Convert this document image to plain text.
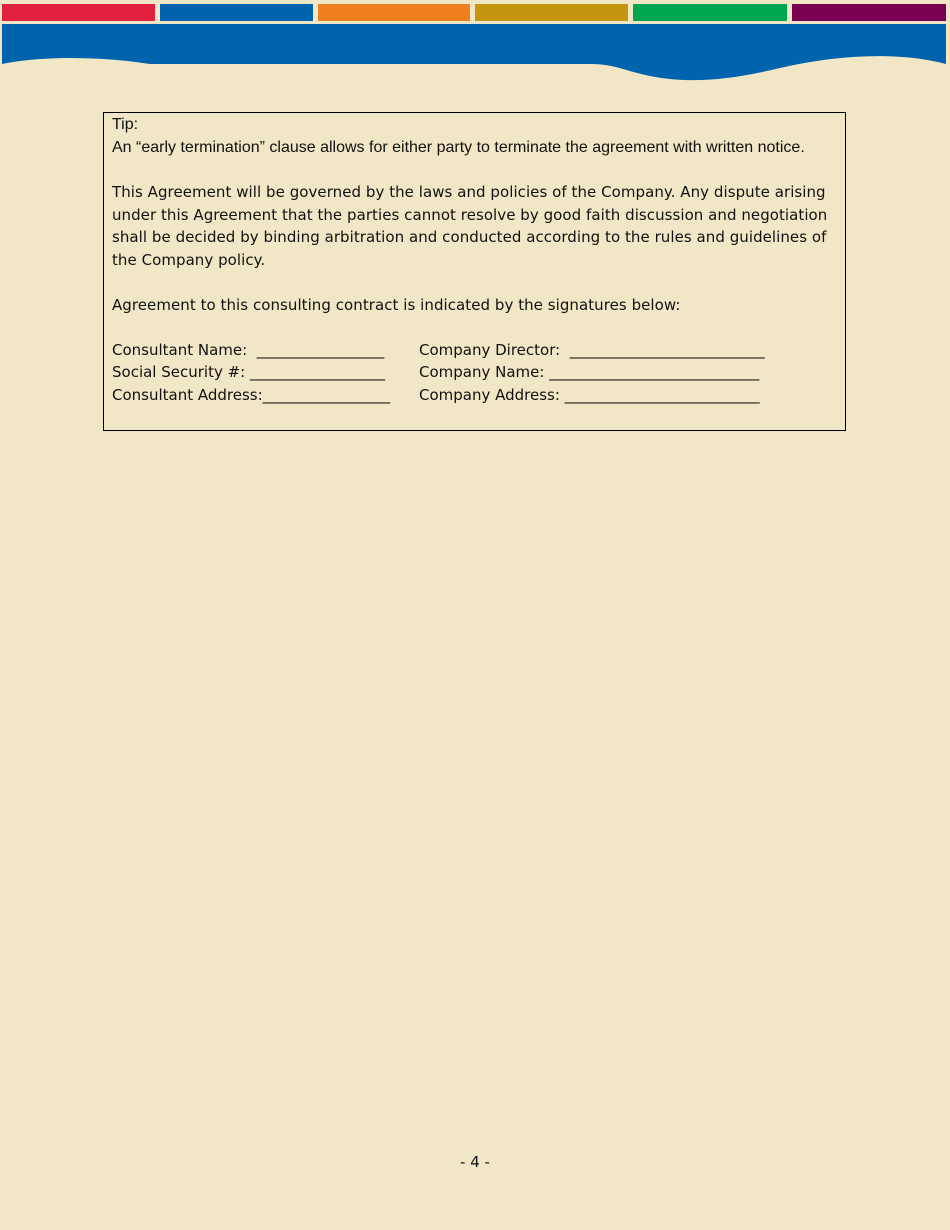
Tip:

An “early termination” clause allows for either party to terminate the agreement with written notice.

This Agreement will be governed by the laws and policies of the Company. Any dispute arising under this Agreement that the parties cannot resolve by good faith discussion and negotiation shall be decided by binding arbitration and conducted according to the rules and guidelines of the Company policy.

Agreement to this consulting contract is indicated by the signatures below:

Consultant Name:  _________________	Company Director:  __________________________
Social Security #: __________________	Company Name: ____________________________
Consultant Address:_________________	Company Address: __________________________
- 4 -
